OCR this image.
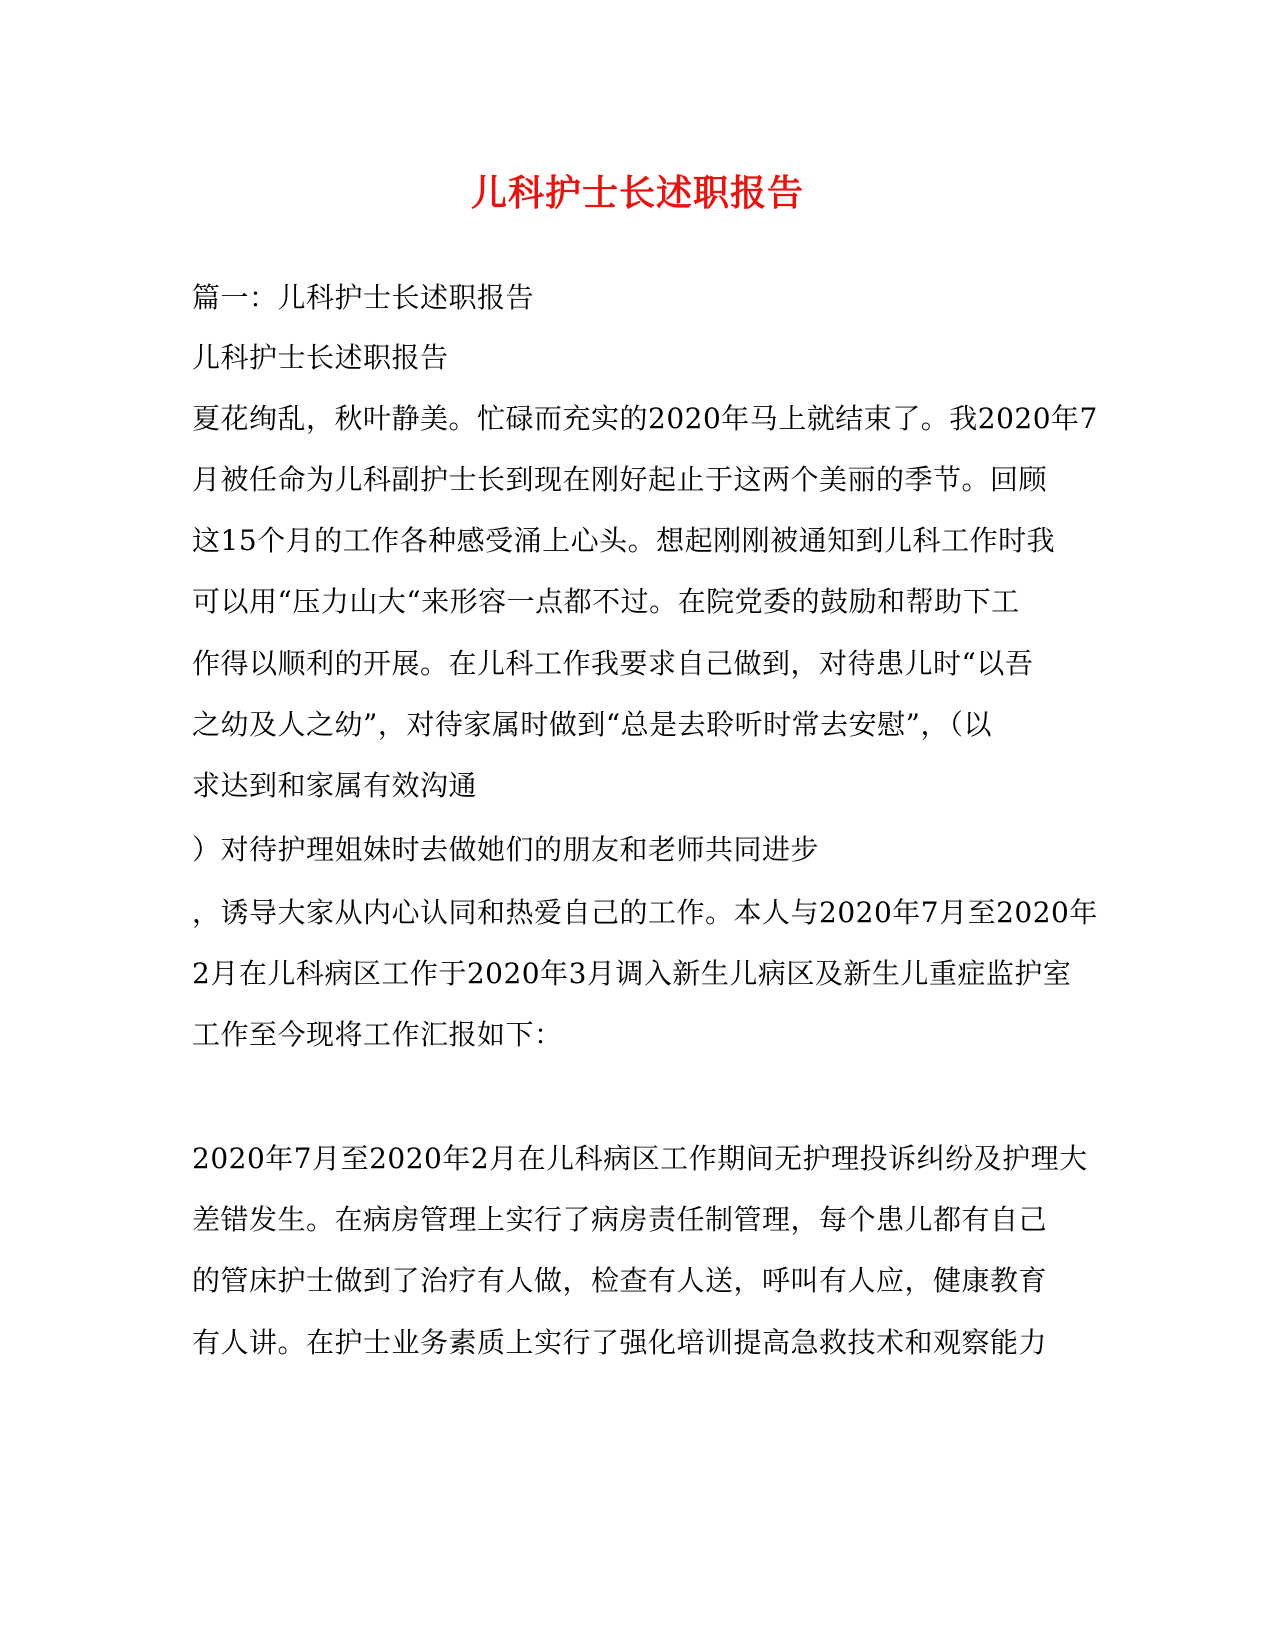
儿科护士长述职报告
篇一：儿科护士长述职报告
儿科护士长述职报告
夏花绚乱，秋叶静美。忙碌而充实的2020年马上就结束了。我2020年7
月被任命为儿科副护士长到现在刚好起止于这两个美丽的季节。回顾
这15个月的工作各种感受涌上心头。想起刚刚被通知到儿科工作时我
可以用“压力山大“来形容一点都不过。在院党委的鼓励和帮助下工
作得以顺利的开展。在儿科工作我要求自己做到，对待患儿时“以吾
之幼及人之幼”，对待家属时做到“总是去聆听时常去安慰”，（以
求达到和家属有效沟通
）对待护理姐妹时去做她们的朋友和老师共同进步
，诱导大家从内心认同和热爱自己的工作。本人与2020年7月至2020年
2月在儿科病区工作于2020年3月调入新生儿病区及新生儿重症监护室
工作至今现将工作汇报如下：
2020年7月至2020年2月在儿科病区工作期间无护理投诉纠纷及护理大
差错发生。在病房管理上实行了病房责任制管理，每个患儿都有自己
的管床护士做到了治疗有人做，检查有人送，呼叫有人应，健康教育
有人讲。在护士业务素质上实行了强化培训提高急救技术和观察能力
